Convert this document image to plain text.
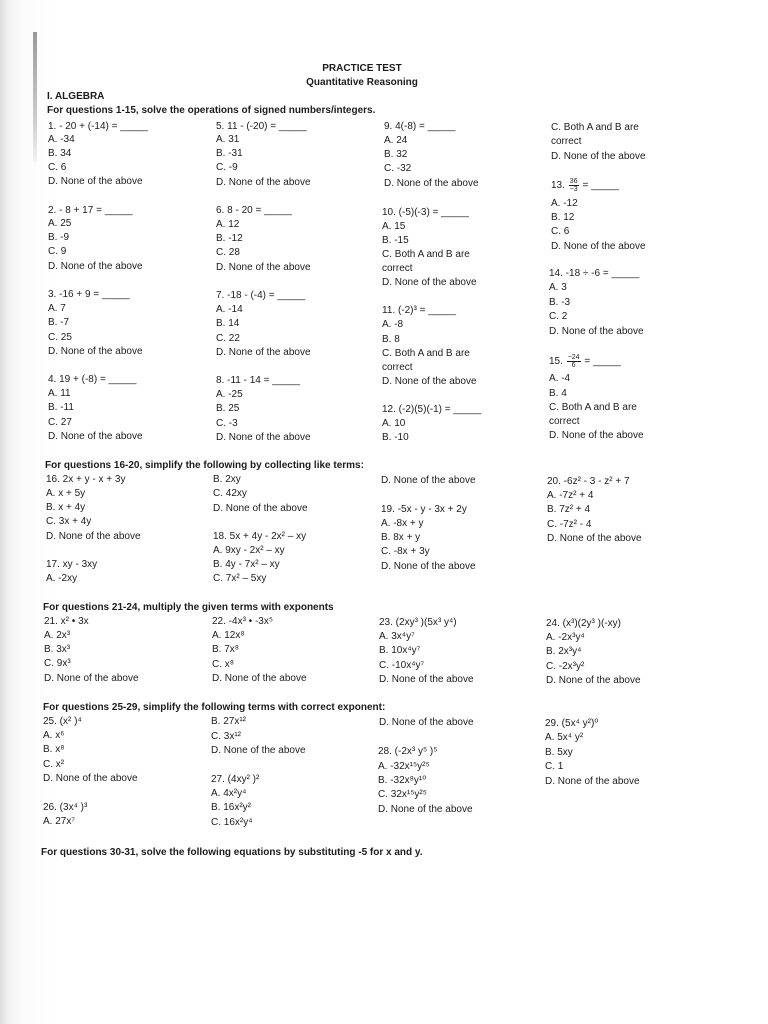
PRACTICE TEST
Quantitative Reasoning
I. ALGEBRA
For questions 1-15, solve the operations of signed numbers/integers.
For questions 16-20, simplify the following by collecting like terms:
For questions 21-24, multiply the given terms with exponents
For questions 25-29, simplify the following terms with correct exponent:
For questions 30-31, solve the following equations by substituting -5 for x and y.
13. $\frac{36}{-3}$ = _____
15. $\frac{-24}{6}$ = _____
1. - 20 + (-14) = _____
A. -34
B. 34
C. 6
D. None of the above
5. 11 - (-20) = _____
A. 31
B. -31
C. -9
D. None of the above
9. 4(-8) = _____
A. 24
B. 32
C. -32
D. None of the above
C. Both A and B are
correct
D. None of the above
A. -12
B. 12
C. 6
D. None of the above
14. -18 ÷ -6 = _____
A. 3
B. -3
C. 2
D. None of the above
A. -4
B. 4
C. Both A and B are
correct
D. None of the above
2. - 8 + 17 = _____
A. 25
B. -9
C. 9
D. None of the above
6. 8 - 20 = _____
A. 12
B. -12
C. 28
D. None of the above
10. (-5)(-3) = _____
A. 15
B. -15
C. Both A and B are
correct
D. None of the above
3. -16 + 9 = _____
A. 7
B. -7
C. 25
D. None of the above
7. -18 - (-4) = _____
A. -14
B. 14
C. 22
D. None of the above
11. (-2)³ = _____
A. -8
B. 8
C. Both A and B are
correct
D. None of the above
4. 19 + (-8) = _____
A. 11
B. -11
C. 27
D. None of the above
8. -11 - 14 = _____
A. -25
B. 25
C. -3
D. None of the above
12. (-2)(5)(-1) = _____
A. 10
B. -10
16. 2x + y - x + 3y
A. x + 5y
B. x + 4y
C. 3x + 4y
D. None of the above
17. xy - 3xy
A. -2xy
B. 2xy
C. 42xy
D. None of the above
18. 5x + 4y - 2x² – xy
A. 9xy - 2x² – xy
B. 4y - 7x² – xy
C. 7x² – 5xy
D. None of the above
19. -5x - y - 3x + 2y
A. -8x + y
B. 8x + y
C. -8x + 3y
D. None of the above
20. -6z² - 3 - z² + 7
A. -7z² + 4
B. 7z² + 4
C. -7z² - 4
D. None of the above
21. x² • 3x
A. 2x³
B. 3x³
C. 9x³
D. None of the above
22. -4x³ • -3x⁵
A. 12x⁸
B. 7x⁸
C. x⁸
D. None of the above
23. (2xy³ )(5x³ y⁴)
A. 3x⁴y⁷
B. 10x⁴y⁷
C. -10x⁴y⁷
D. None of the above
24. (x³)(2y³ )(-xy)
A. -2x³y⁴
B. 2x³y⁴
C. -2x³y²
D. None of the above
25. (x² )⁴
A. x⁶
B. x⁸
C. x²
D. None of the above
26. (3x⁴ )³
A. 27x⁷
B. 27x¹²
C. 3x¹²
D. None of the above
27. (4xy² )²
A. 4x²y⁴
B. 16x²y²
C. 16x²y⁴
D. None of the above
28. (-2x³ y⁵ )⁵
A. -32x¹⁵y²⁵
B. -32x⁸y¹⁰
C. 32x¹⁵y²⁵
D. None of the above
29. (5x⁴ y²)⁰
A. 5x⁴ y²
B. 5xy
C. 1
D. None of the above
